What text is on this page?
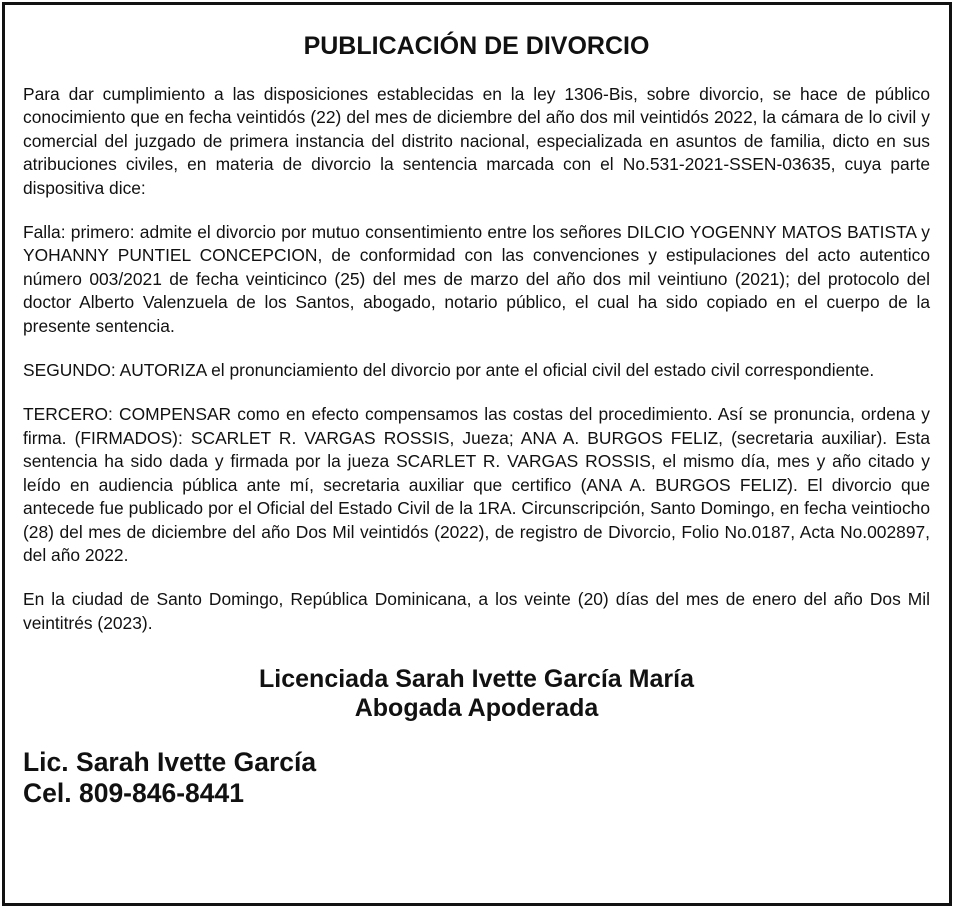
PUBLICACIÓN DE DIVORCIO

Para dar cumplimiento a las disposiciones establecidas en la ley 1306-Bis, sobre divorcio, se hace de público conocimiento que en fecha veintidós (22) del mes de diciembre del año dos mil veintidós 2022, la cámara de lo civil y comercial del juzgado de primera instancia del distrito nacional, especializada en asuntos de familia, dicto en sus atribuciones civiles, en materia de divorcio la sentencia marcada con el No.531-2021-SSEN-03635, cuya parte dispositiva dice:

Falla: primero: admite el divorcio por mutuo consentimiento entre los señores DILCIO YOGENNY MATOS BATISTA y YOHANNY PUNTIEL CONCEPCION, de conformidad con las convenciones y estipulaciones del acto autentico número 003/2021 de fecha veinticinco (25) del mes de marzo del año dos mil veintiuno (2021); del protocolo del doctor Alberto Valenzuela de los Santos, abogado, notario público, el cual ha sido copiado en el cuerpo de la presente sentencia.

SEGUNDO: AUTORIZA el pronunciamiento del divorcio por ante el oficial civil del estado civil correspondiente.

TERCERO: COMPENSAR como en efecto compensamos las costas del procedimiento. Así se pronuncia, ordena y firma. (FIRMADOS): SCARLET R. VARGAS ROSSIS, Jueza; ANA A. BURGOS FELIZ, (secretaria auxiliar). Esta sentencia ha sido dada y firmada por la jueza SCARLET R. VARGAS ROSSIS, el mismo día, mes y año citado y leído en audiencia pública ante mí, secretaria auxiliar que certifico (ANA A. BURGOS FELIZ). El divorcio que antecede fue publicado por el Oficial del Estado Civil de la 1RA. Circunscripción, Santo Domingo, en fecha veintiocho (28) del mes de diciembre del año Dos Mil veintidós (2022), de registro de Divorcio, Folio No.0187, Acta No.002897, del año 2022.

En la ciudad de Santo Domingo, República Dominicana, a los veinte (20) días del mes de enero del año Dos Mil veintitrés (2023).

Licenciada Sarah Ivette García María
Abogada Apoderada
Lic. Sarah Ivette García
Cel. 809-846-8441
